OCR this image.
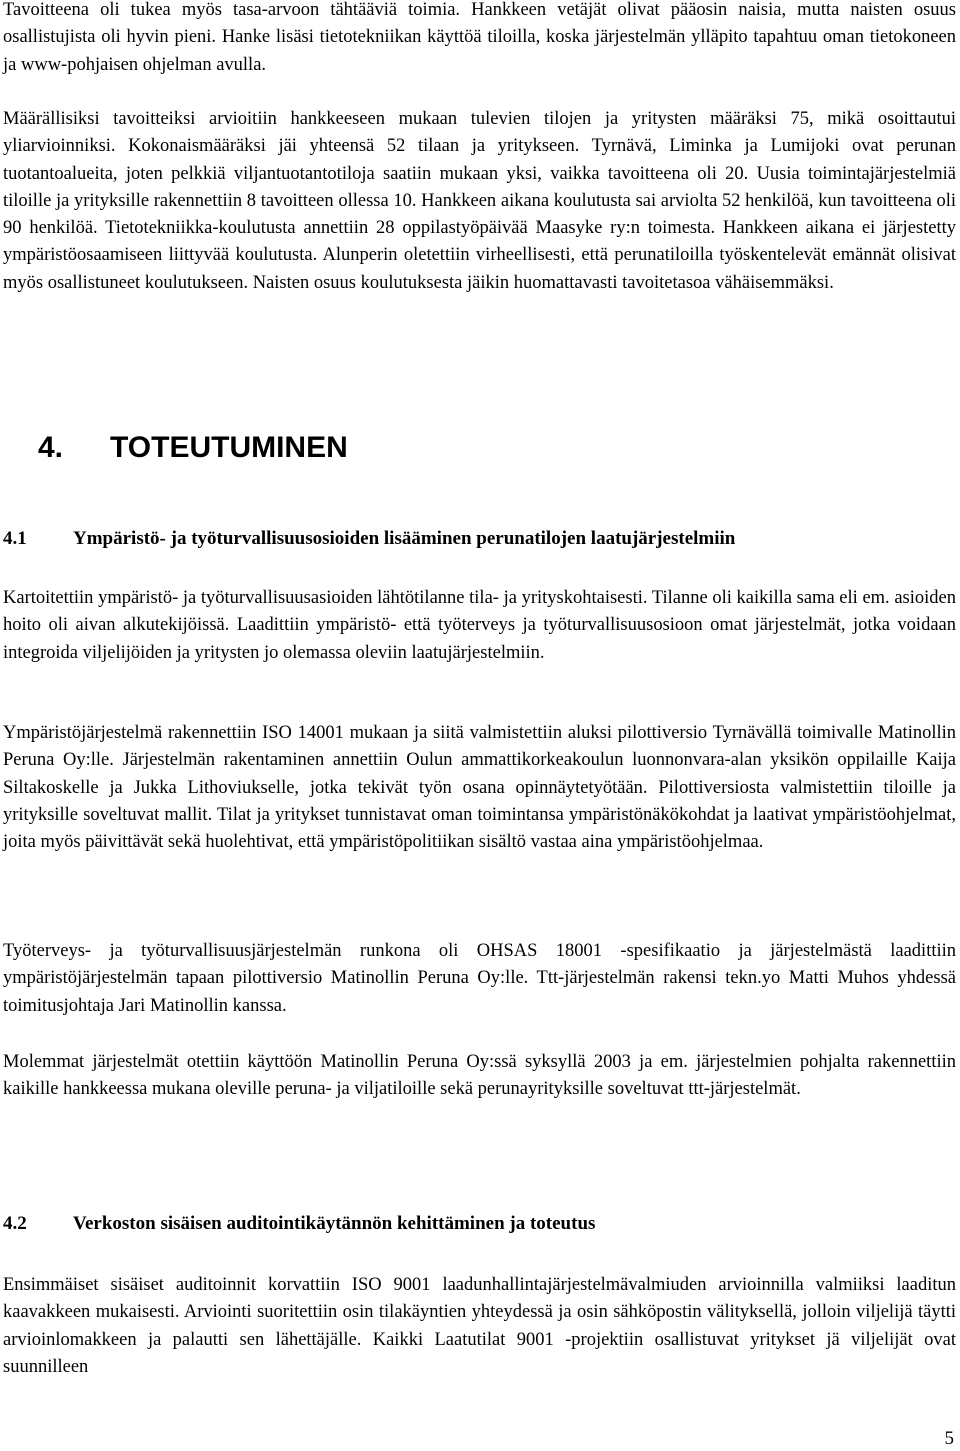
Tavoitteena oli tukea myös tasa-arvoon tähtääviä toimia. Hankkeen vetäjät olivat pääosin naisia, mutta naisten osuus osallistujista oli hyvin pieni. Hanke lisäsi tietotekniikan käyttöä tiloilla, koska järjestelmän ylläpito tapahtuu oman tietokoneen ja www-pohjaisen ohjelman avulla.

Määrällisiksi tavoitteiksi arvioitiin hankkeeseen mukaan tulevien tilojen ja yritysten määräksi 75, mikä osoittautui yliarvioinniksi. Kokonaismääräksi jäi yhteensä 52 tilaan ja yritykseen. Tyrnävä, Liminka ja Lumijoki ovat perunan tuotantoalueita, joten pelkkiä viljantuotantotiloja saatiin mukaan yksi, vaikka tavoitteena oli 20. Uusia toimintajärjestelmiä tiloille ja yrityksille rakennettiin 8 tavoitteen ollessa 10. Hankkeen aikana koulutusta sai arviolta 52 henkilöä, kun tavoitteena oli 90 henkilöä. Tietotekniikka-koulutusta annettiin 28 oppilastyöpäivää Maasyke ry:n toimesta. Hankkeen aikana ei järjestetty ympäristöosaamiseen liittyvää koulutusta. Alunperin oletettiin virheellisesti, että perunatiloilla työskentelevät emännät olisivat myös osallistuneet koulutukseen. Naisten osuus koulutuksesta jäikin huomattavasti tavoitetasoa vähäisemmäksi.

4. TOTEUTUMINEN
4.1 Ympäristö- ja työturvallisuusosioiden lisääminen perunatilojen laatujärjestelmiin

Kartoitettiin ympäristö- ja työturvallisuusasioiden lähtötilanne tila- ja yrityskohtaisesti. Tilanne oli kaikilla sama eli em. asioiden hoito oli aivan alkutekijöissä. Laadittiin ympäristö- että työterveys ja työturvallisuusosioon omat järjestelmät, jotka voidaan integroida viljelijöiden ja yritysten jo olemassa oleviin laatujärjestelmiin.

Ympäristöjärjestelmä rakennettiin ISO 14001 mukaan ja siitä valmistettiin aluksi pilottiversio Tyrnävällä toimivalle Matinollin Peruna Oy:lle. Järjestelmän rakentaminen annettiin Oulun ammattikorkeakoulun luonnonvara-alan yksikön oppilaille Kaija Siltakoskelle ja Jukka Lithoviukselle, jotka tekivät työn osana opinnäytetyötään. Pilottiversiosta valmistettiin tiloille ja yrityksille soveltuvat mallit. Tilat ja yritykset tunnistavat oman toimintansa ympäristönäkökohdat ja laativat ympäristöohjelmat, joita myös päivittävät sekä huolehtivat, että ympäristöpolitiikan sisältö vastaa aina ympäristöohjelmaa.

Työterveys- ja työturvallisuusjärjestelmän runkona oli OHSAS 18001 -spesifikaatio ja järjestelmästä laadittiin ympäristöjärjestelmän tapaan pilottiversio Matinollin Peruna Oy:lle. Ttt-järjestelmän rakensi tekn.yo Matti Muhos yhdessä toimitusjohtaja Jari Matinollin kanssa.

Molemmat järjestelmät otettiin käyttöön Matinollin Peruna Oy:ssä syksyllä 2003 ja em. järjestelmien pohjalta rakennettiin kaikille hankkeessa mukana oleville peruna- ja viljatiloille sekä perunayrityksille soveltuvat ttt-järjestelmät.

4.2 Verkoston sisäisen auditointikäytännön kehittäminen ja toteutus

Ensimmäiset sisäiset auditoinnit korvattiin ISO 9001 laadunhallintajärjestelmävalmiuden arvioinnilla valmiiksi laaditun kaavakkeen mukaisesti. Arviointi suoritettiin osin tilakäyntien yhteydessä ja osin sähköpostin välityksellä, jolloin viljelijä täytti arvioinlomakkeen ja palautti sen lähettäjälle. Kaikki Laatutilat 9001 -projektiin osallistuvat yritykset jä viljelijät ovat suunnilleen

5
